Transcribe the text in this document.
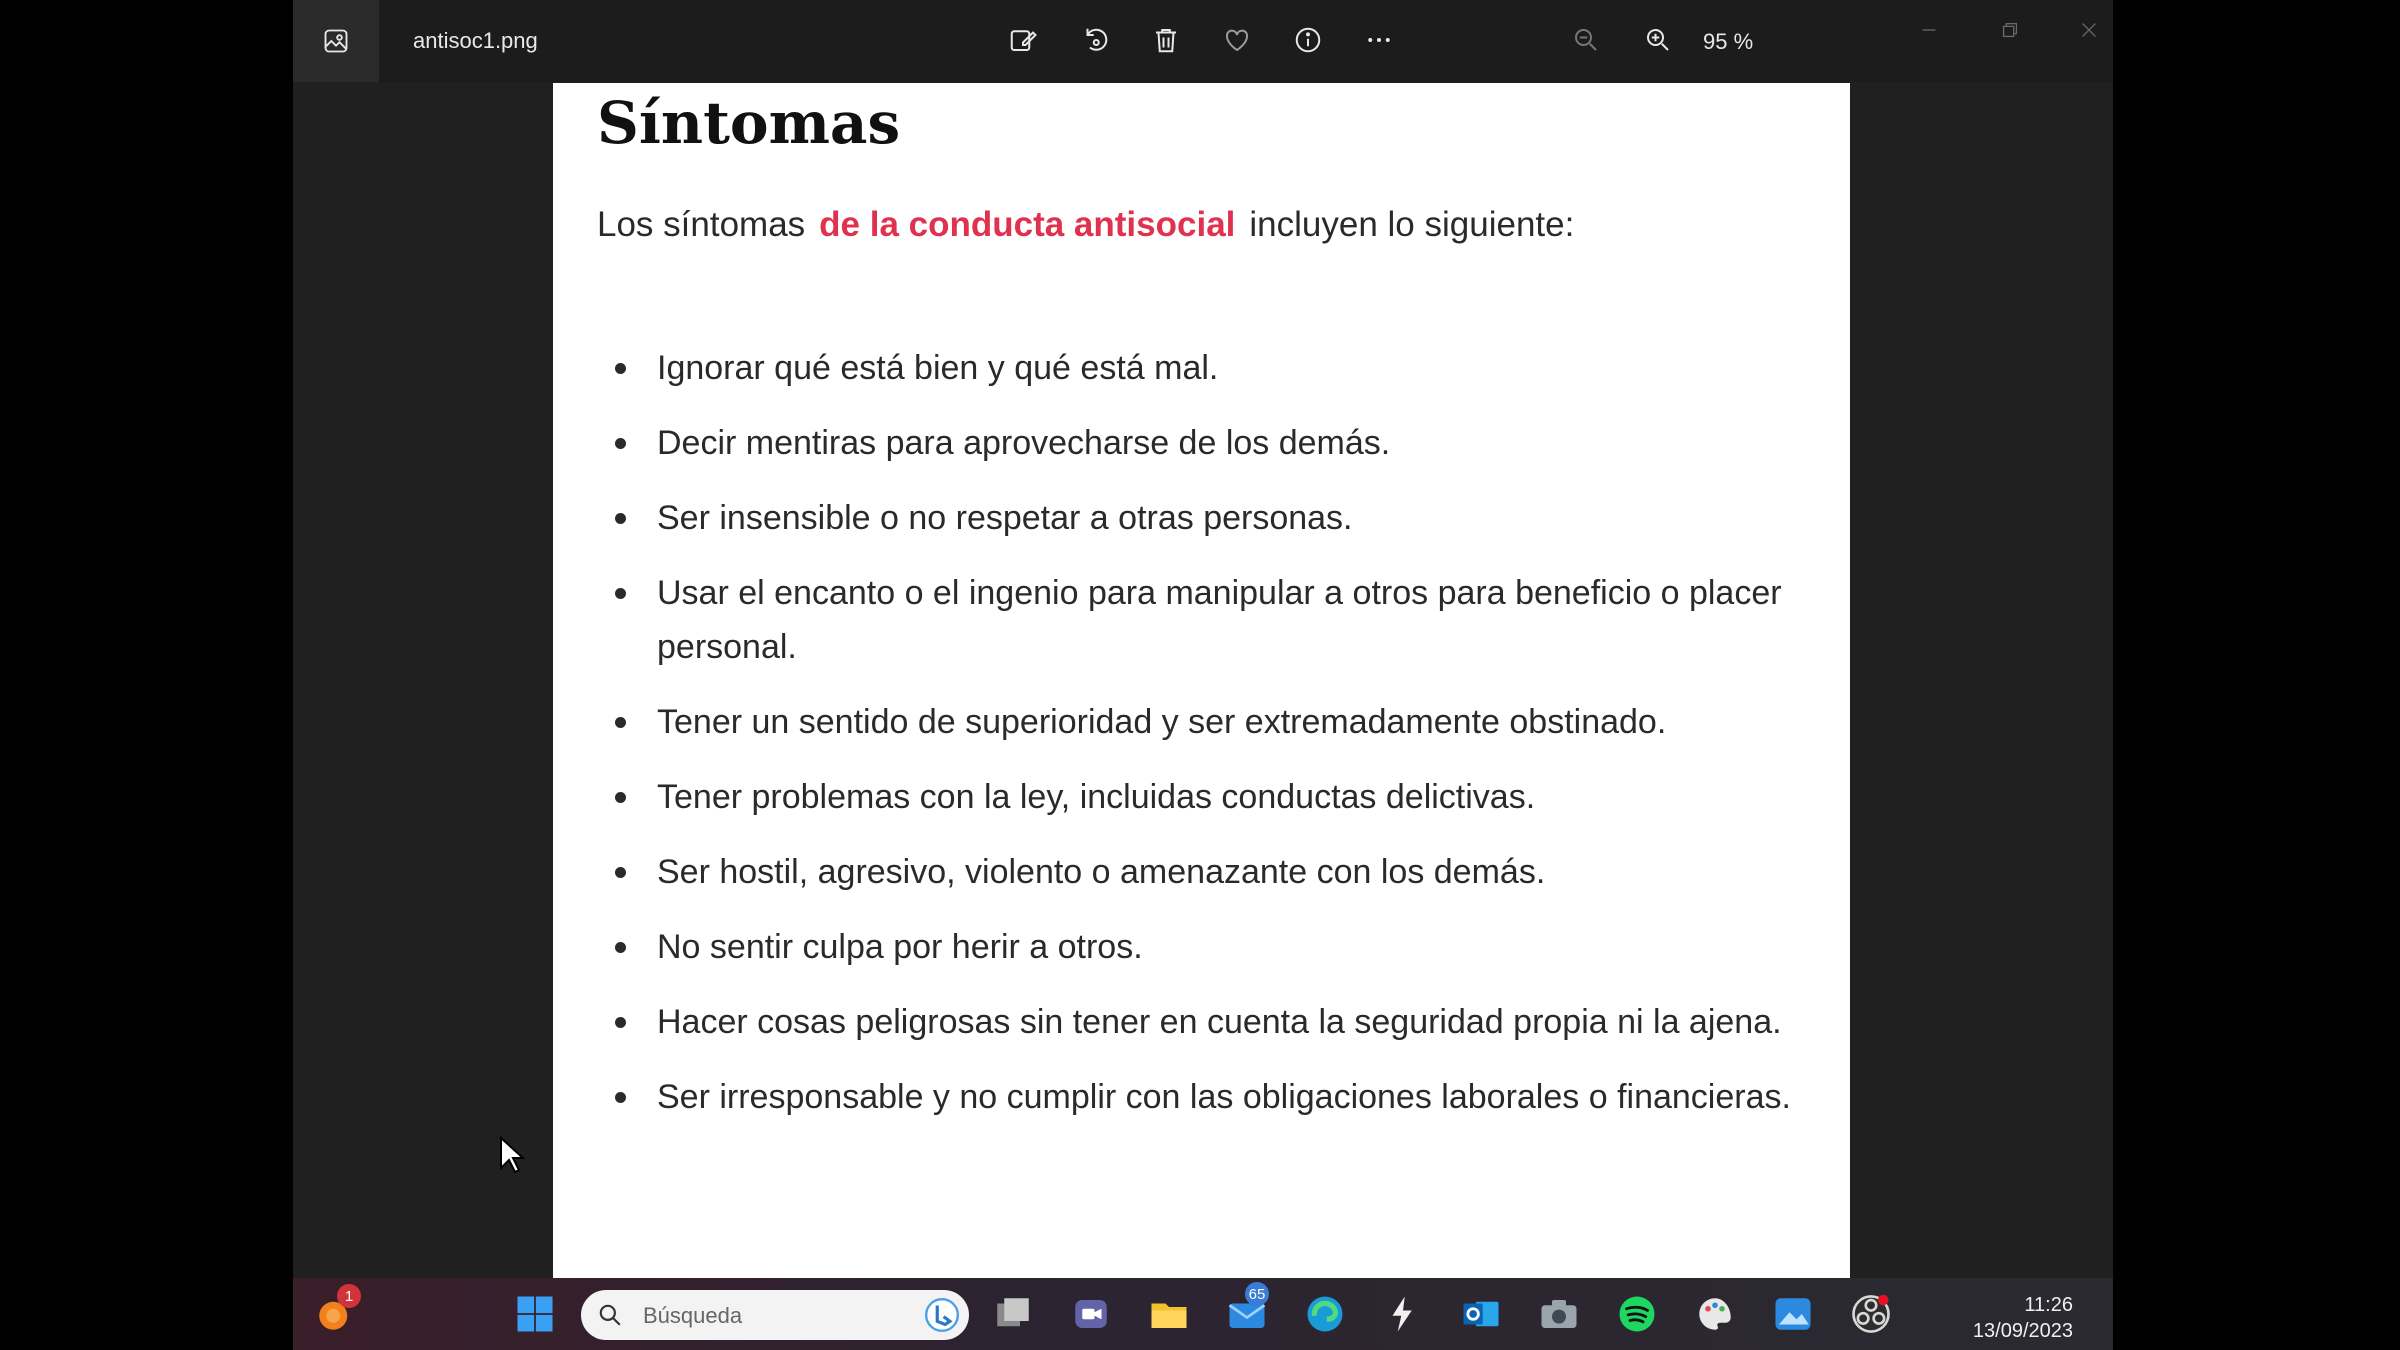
antisoc1.png	95 %
Síntomas
Los síntomas de la conducta antisocial incluyen lo siguiente:
Ignorar qué está bien y qué está mal.
Decir mentiras para aprovecharse de los demás.
Ser insensible o no respetar a otras personas.
Usar el encanto o el ingenio para manipular a otros para beneficio o placer personal.
Tener un sentido de superioridad y ser extremadamente obstinado.
Tener problemas con la ley, incluidas conductas delictivas.
Ser hostil, agresivo, violento o amenazante con los demás.
No sentir culpa por herir a otros.
Hacer cosas peligrosas sin tener en cuenta la seguridad propia ni la ajena.
Ser irresponsable y no cumplir con las obligaciones laborales o financieras.
1
Búsqueda
65	11:26
13/09/2023
